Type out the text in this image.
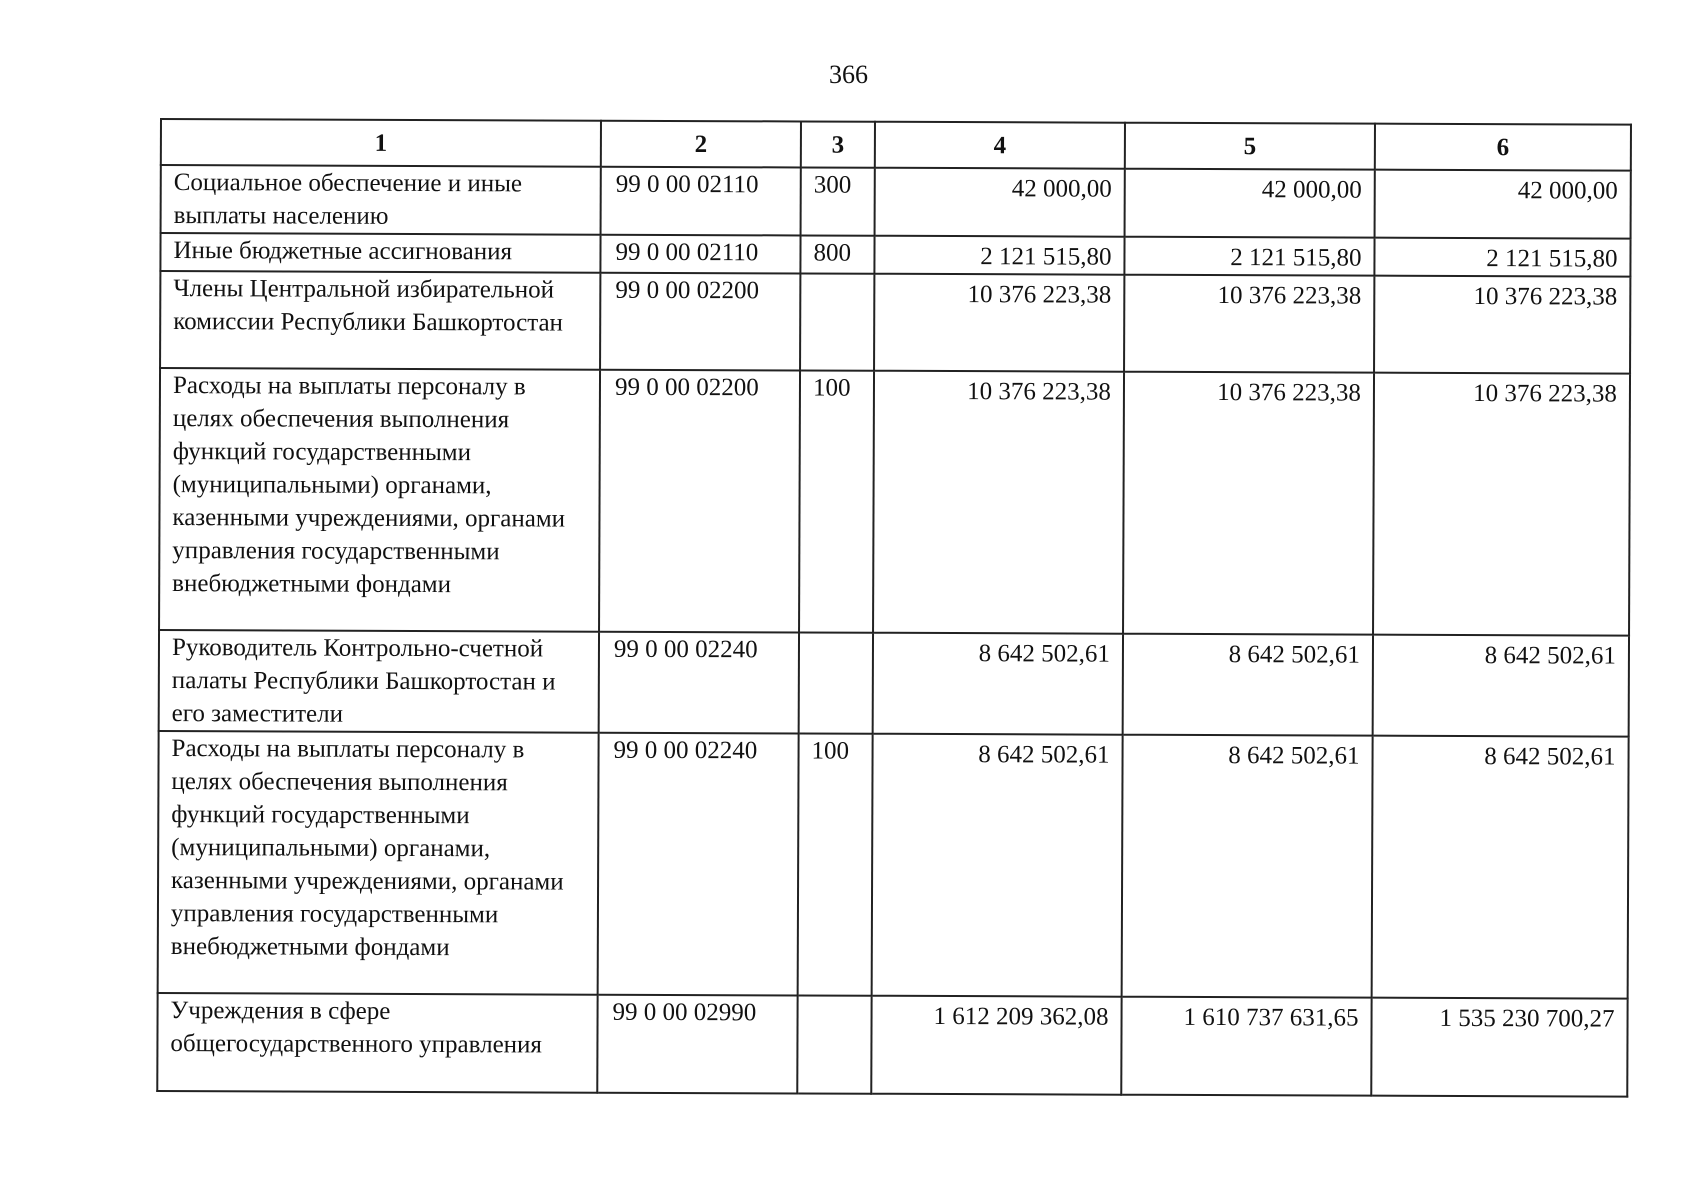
366
1	2	3	4	5	6
Социальное обеспечение и иные выплаты населению	99 0 00 02110	300	42 000,00	42 000,00	42 000,00
Иные бюджетные ассигнования	99 0 00 02110	800	2 121 515,80	2 121 515,80	2 121 515,80
Члены Центральной избирательной комиссии Республики Башкортостан	99 0 00 02200		10 376 223,38	10 376 223,38	10 376 223,38
Расходы на выплаты персоналу в целях обеспечения выполнения функций государственными (муниципальными) органами, казенными учреждениями, органами управления государственными внебюджетными фондами	99 0 00 02200	100	10 376 223,38	10 376 223,38	10 376 223,38
Руководитель Контрольно-счетной палаты Республики Башкортостан и его заместители	99 0 00 02240		8 642 502,61	8 642 502,61	8 642 502,61
Расходы на выплаты персоналу в целях обеспечения выполнения функций государственными (муниципальными) органами, казенными учреждениями, органами управления государственными внебюджетными фондами	99 0 00 02240	100	8 642 502,61	8 642 502,61	8 642 502,61
Учреждения в сфере общегосударственного управления	99 0 00 02990		1 612 209 362,08	1 610 737 631,65	1 535 230 700,27
